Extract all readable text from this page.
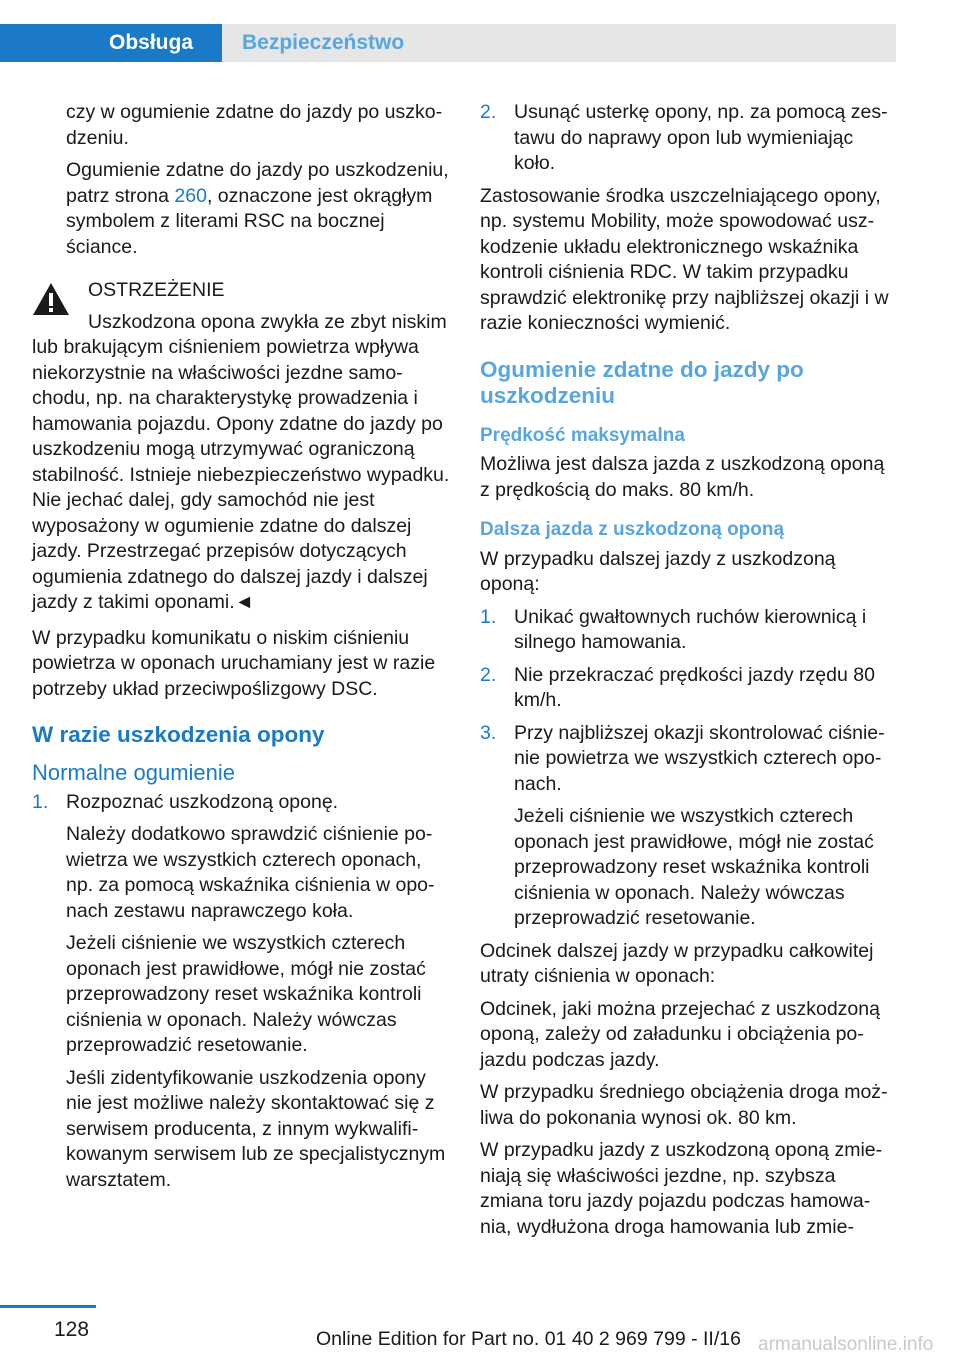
Obsługa	Bezpieczeństwo

czy w ogumienie zdatne do jazdy po uszkodzeniu.

Ogumienie zdatne do jazdy po uszkodzeniu, patrz strona 260, oznaczone jest okrągłym symbolem z literami RSC na bocznej ściance.

OSTRZEŻENIE

Uszkodzona opona zwykła ze zbyt niskim lub brakującym ciśnieniem powietrza wpływa niekorzystnie na właściwości jezdne samochodu, np. na charakterystykę prowadzenia i hamowania pojazdu. Opony zdatne do jazdy po uszkodzeniu mogą utrzymywać ograniczoną stabilność. Istnieje niebezpieczeństwo wypadku. Nie jechać dalej, gdy samochód nie jest wyposażony w ogumienie zdatne do dalszej jazdy. Przestrzegać przepisów dotyczących ogumienia zdatnego do dalszej jazdy i dalszej jazdy z takimi oponami.◄

W przypadku komunikatu o niskim ciśnieniu powietrza w oponach uruchamiany jest w razie potrzeby układ przeciwpoślizgowy DSC.

W razie uszkodzenia opony
Normalne ogumienie
1. Rozpoznać uszkodzoną oponę.

Należy dodatkowo sprawdzić ciśnienie powietrza we wszystkich czterech oponach, np. za pomocą wskaźnika ciśnienia w oponach zestawu naprawczego koła.

Jeżeli ciśnienie we wszystkich czterech oponach jest prawidłowe, mógł nie zostać przeprowadzony reset wskaźnika kontroli ciśnienia w oponach. Należy wówczas przeprowadzić resetowanie.

Jeśli zidentyfikowanie uszkodzenia opony nie jest możliwe należy skontaktować się z serwisem producenta, z innym wykwalifikowanym serwisem lub ze specjalistycznym warsztatem.

2. Usunąć usterkę opony, np. za pomocą zestawu do naprawy opon lub wymieniając koło.

Zastosowanie środka uszczelniającego opony, np. systemu Mobility, może spowodować uszkodzenie układu elektronicznego wskaźnika kontroli ciśnienia RDC. W takim przypadku sprawdzić elektronikę przy najbliższej okazji i w razie konieczności wymienić.

Ogumienie zdatne do jazdy po uszkodzeniu
Prędkość maksymalna

Możliwa jest dalsza jazda z uszkodzoną oponą z prędkością do maks. 80 km/h.

Dalsza jazda z uszkodzoną oponą

W przypadku dalszej jazdy z uszkodzoną oponą:

1. Unikać gwałtownych ruchów kierownicą i silnego hamowania.

2. Nie przekraczać prędkości jazdy rzędu 80 km/h.

3. Przy najbliższej okazji skontrolować ciśnienie powietrza we wszystkich czterech oponach.

Jeżeli ciśnienie we wszystkich czterech oponach jest prawidłowe, mógł nie zostać przeprowadzony reset wskaźnika kontroli ciśnienia w oponach. Należy wówczas przeprowadzić resetowanie.

Odcinek dalszej jazdy w przypadku całkowitej utraty ciśnienia w oponach:

Odcinek, jaki można przejechać z uszkodzoną oponą, zależy od załadunku i obciążenia pojazdu podczas jazdy.

W przypadku średniego obciążenia droga możliwa do pokonania wynosi ok. 80 km.

W przypadku jazdy z uszkodzoną oponą zmieniają się właściwości jezdne, np. szybsza zmiana toru jazdy pojazdu podczas hamowania, wydłużona droga hamowania lub zmie-

128	Online Edition for Part no. 01 40 2 969 799 - II/16 armanualsonline.info
